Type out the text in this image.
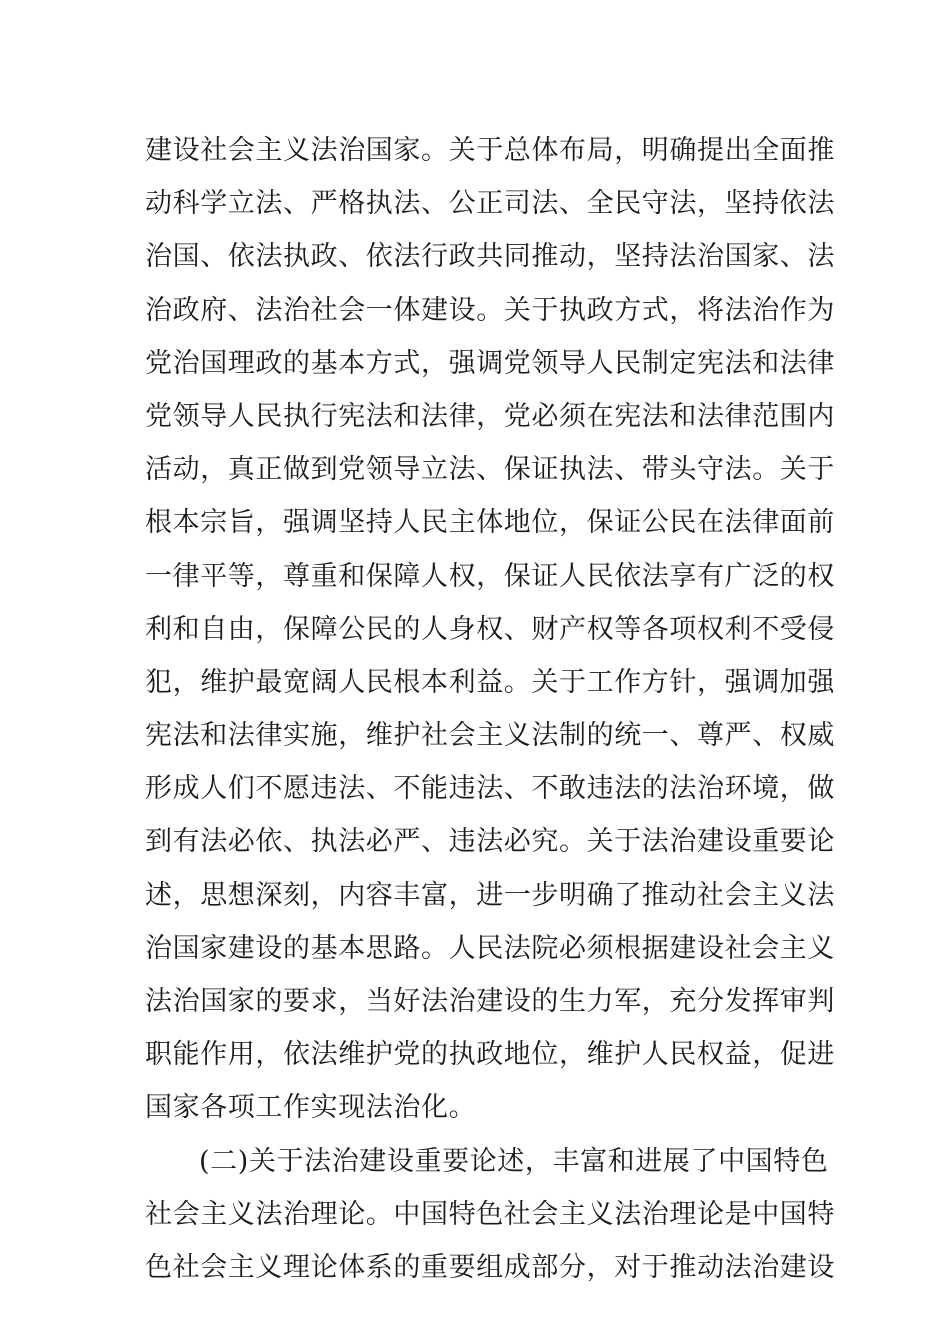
建设社会主义法治国家。关于总体布局，明确提出全面推
动科学立法、严格执法、公正司法、全民守法，坚持依法
治国、依法执政、依法行政共同推动，坚持法治国家、法
治政府、法治社会一体建设。关于执政方式，将法治作为
党治国理政的基本方式，强调党领导人民制定宪法和法律
党领导人民执行宪法和法律，党必须在宪法和法律范围内
活动，真正做到党领导立法、保证执法、带头守法。关于
根本宗旨，强调坚持人民主体地位，保证公民在法律面前
一律平等，尊重和保障人权，保证人民依法享有广泛的权
利和自由，保障公民的人身权、财产权等各项权利不受侵
犯，维护最宽阔人民根本利益。关于工作方针，强调加强
宪法和法律实施，维护社会主义法制的统一、尊严、权威
形成人们不愿违法、不能违法、不敢违法的法治环境，做
到有法必依、执法必严、违法必究。关于法治建设重要论
述，思想深刻，内容丰富，进一步明确了推动社会主义法
治国家建设的基本思路。人民法院必须根据建设社会主义
法治国家的要求，当好法治建设的生力军，充分发挥审判
职能作用，依法维护党的执政地位，维护人民权益，促进
国家各项工作实现法治化。
(二)关于法治建设重要论述，丰富和进展了中国特色
社会主义法治理论。中国特色社会主义法治理论是中国特
色社会主义理论体系的重要组成部分，对于推动法治建设
